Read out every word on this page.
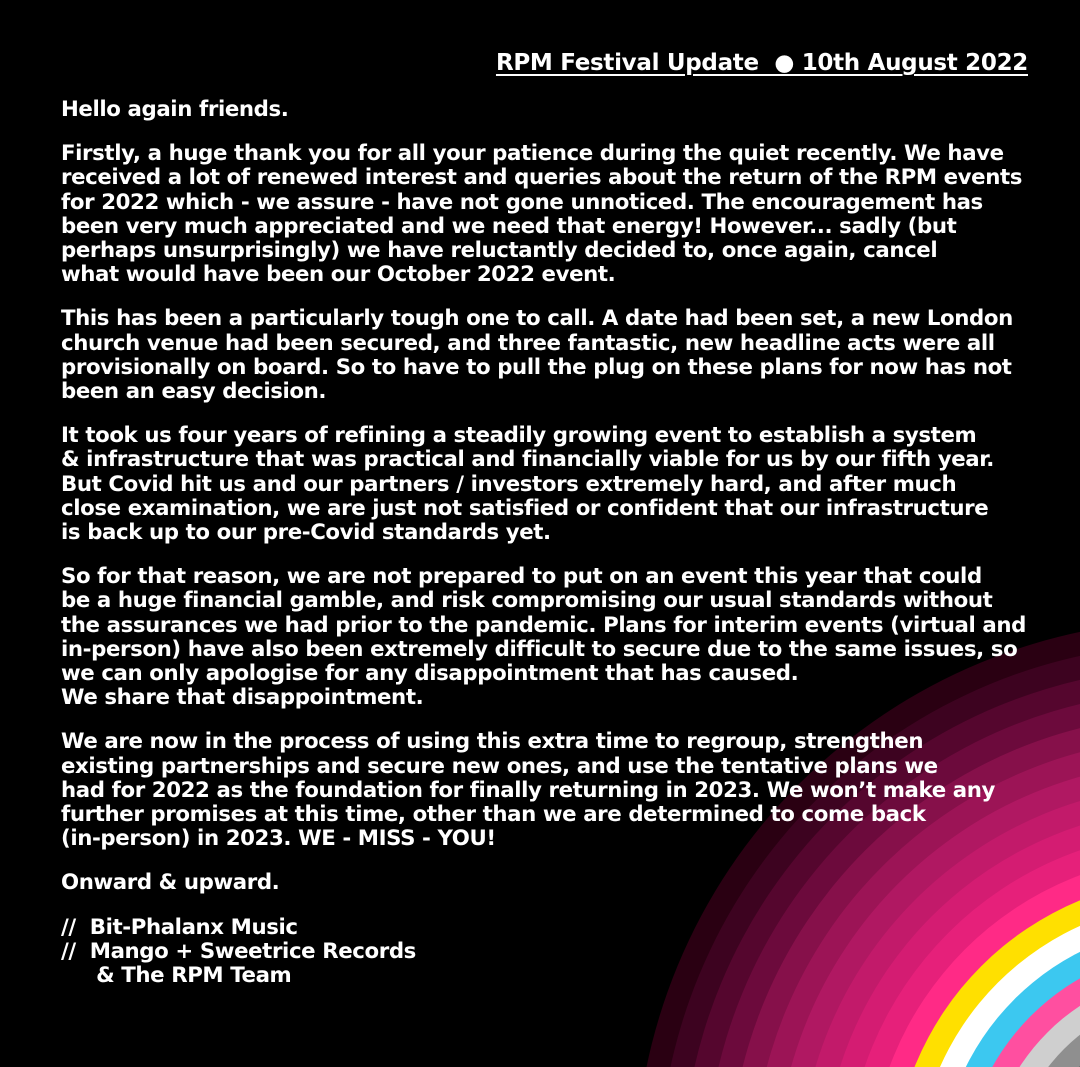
RPM Festival Update  ● 10th August 2022
Hello again friends.
Firstly, a huge thank you for all your patience during the quiet recently. We have
received a lot of renewed interest and queries about the return of the RPM events
for 2022 which - we assure - have not gone unnoticed. The encouragement has
been very much appreciated and we need that energy! However... sadly (but
perhaps unsurprisingly) we have reluctantly decided to, once again, cancel
what would have been our October 2022 event.
This has been a particularly tough one to call. A date had been set, a new London
church venue had been secured, and three fantastic, new headline acts were all
provisionally on board. So to have to pull the plug on these plans for now has not
been an easy decision.
It took us four years of refining a steadily growing event to establish a system
& infrastructure that was practical and financially viable for us by our fifth year.
But Covid hit us and our partners / investors extremely hard, and after much
close examination, we are just not satisfied or confident that our infrastructure
is back up to our pre-Covid standards yet.
So for that reason, we are not prepared to put on an event this year that could
be a huge financial gamble, and risk compromising our usual standards without
the assurances we had prior to the pandemic. Plans for interim events (virtual and
in-person) have also been extremely difficult to secure due to the same issues, so
we can only apologise for any disappointment that has caused.
We share that disappointment.
We are now in the process of using this extra time to regroup, strengthen
existing partnerships and secure new ones, and use the tentative plans we
had for 2022 as the foundation for finally returning in 2023. We won’t make any
further promises at this time, other than we are determined to come back
(in-person) in 2023. WE - MISS - YOU!
Onward & upward.
//  Bit-Phalanx Music
//  Mango + Sweetrice Records
& The RPM Team
